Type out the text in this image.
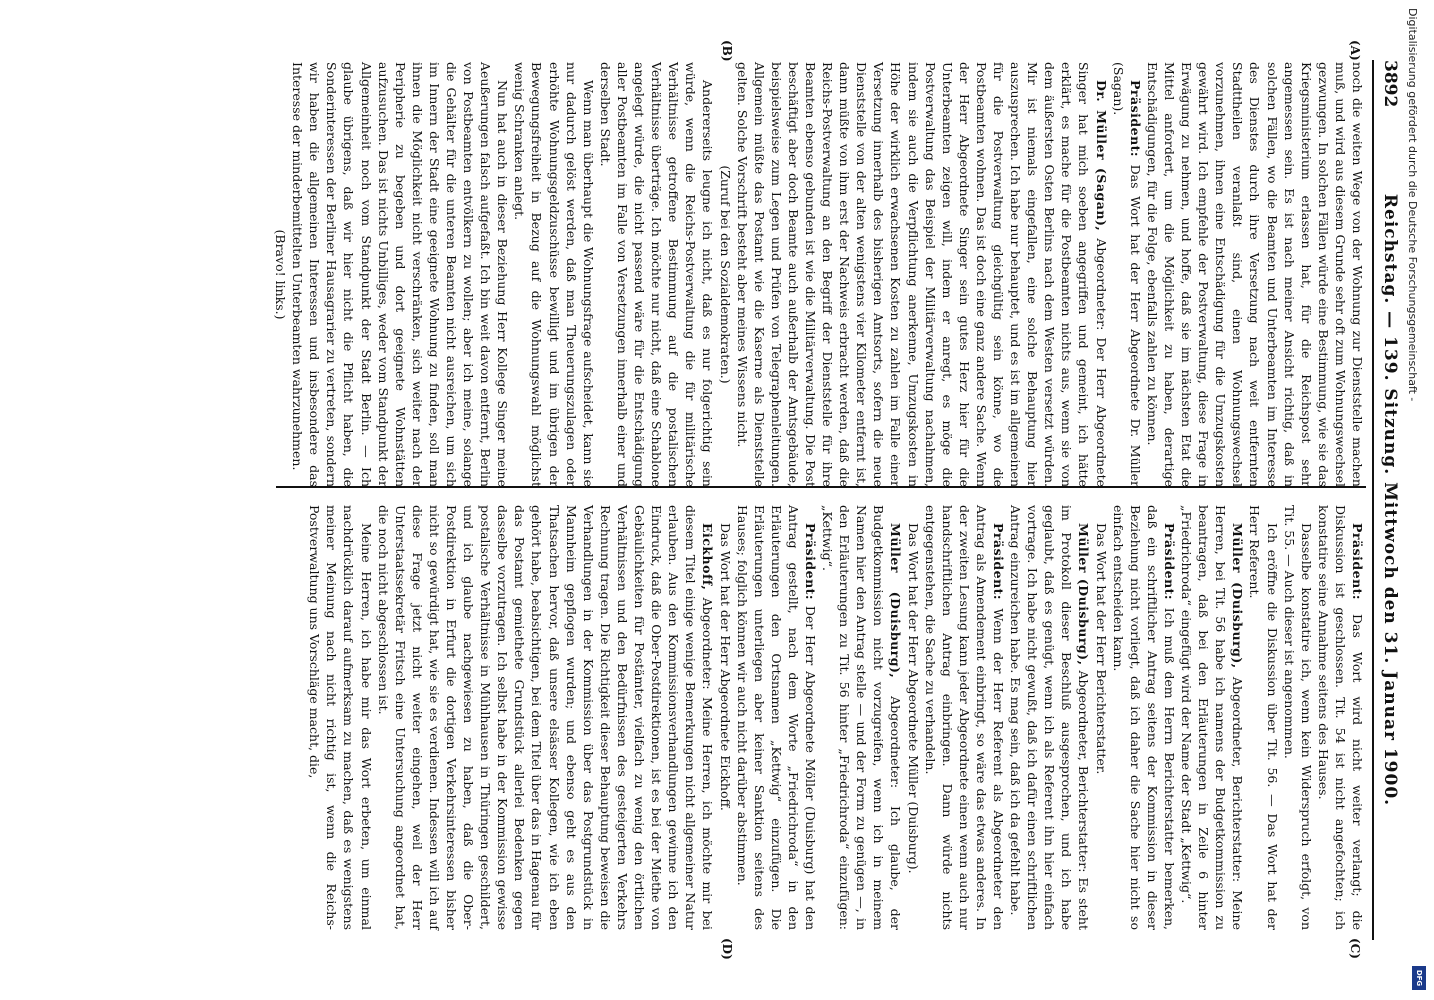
3892
Reichstag. — 139. Sitzung. Mittwoch den 31. Januar 1900.
(A)
(B)
(C)
(D)

noch die weiten Wege von der Wohnung zur Dienststelle machen muß, und wird aus diesem Grunde sehr oft zum Wohnungswechsel gezwungen. In solchen Fällen würde eine Bestimmung, wie sie das Kriegsministerium erlassen hat, für die Reichspost sehr angemessen sein. Es ist nach meiner Ansicht richtig, daß in solchen Fällen, wo die Beamten und Unterbeamten im Interesse des Dienstes durch ihre Versetzung nach weit entfernten Stadttheilen veranlaßt sind, einen Wohnungswechsel vorzunehmen, ihnen eine Entschädigung für die Umzugskosten gewährt wird. Ich empfehle der Postverwaltung, diese Frage in Erwägung zu nehmen, und hoffe, daß sie im nächsten Etat die Mittel anfordert, um die Möglichkeit zu haben, derartige Entschädigungen, für die Folge, ebenfalls zahlen zu können.

Präsident: Das Wort hat der Herr Abgeordnete Dr. Müller (Sagan).

Dr. Müller (Sagan), Abgeordneter: Der Herr Abgeordnete Singer hat mich soeben angegriffen und gemeint, ich hätte erklärt, es mache für die Postbeamten nichts aus, wenn sie von dem äußersten Osten Berlins nach dem Westen versetzt würden. Mir ist niemals eingefallen, eine solche Behauptung hier auszusprechen. Ich habe nur behauptet, und es ist im allgemeinen für die Postverwaltung gleichgültig sein könne, wo die Postbeamten wohnen. Das ist doch eine ganz andere Sache. Wenn der Herr Abgeordnete Singer sein gutes Herz hier für die Unterbeamten zeigen will, indem er anregt, es möge die Postverwaltung das Beispiel der Militärverwaltung nachahmen, indem sie auch die Verpflichtung anerkenne, Umzugskosten in Höhe der wirklich erwachsenen Kosten zu zahlen im Falle einer Versetzung innerhalb des bisherigen Amtsorts, sofern die neue Dienststelle von der alten wenigstens vier Kilometer entfernt ist, dann müßte von ihm erst der Nachweis erbracht werden, daß die Reichs-Postverwaltung an den Begriff der Dienststelle für ihre Beamten ebenso gebunden ist wie die Militärverwaltung. Die Post beschäftigt aber doch Beamte auch außerhalb der Amtsgebäude, beispielsweise zum Legen und Prüfen von Telegraphenleitungen. Allgemein müßte das Postamt wie die Kaserne als Dienststelle gelten. Solche Vorschrift besteht aber meines Wissens nicht.

(Zuruf bei den Sozialdemokraten.)

Andererseits leugne ich nicht, daß es nur folgerichtig sein würde, wenn die Reichs-Postverwaltung die für militärische Verhältnisse getroffene Bestimmung auf die postalischen Verhältnisse überträge. Ich möchte nur nicht, daß eine Schablone angelegt würde, die nicht passend wäre für die Entschädigung aller Postbeamten im Falle von Versetzungen innerhalb einer und derselben Stadt.

Wenn man überhaupt die Wohnungsfrage aufscheidet, kann sie nur dadurch gelöst werden, daß man Theuerungszulagen oder erhöhte Wohnungsgeldzuschüsse bewilligt und im übrigen der Bewegungsfreiheit in Bezug auf die Wohnungswahl möglichst wenig Schranken anlegt.

Nun hat auch in dieser Beziehung Herr Kollege Singer meine Aeußerungen falsch aufgefaßt. Ich bin weit davon entfernt, Berlin von Postbeamten entvölkern zu wollen; aber ich meine, solange die Gehälter für die unteren Beamten nicht ausreichen, um sich im Innern der Stadt eine geeignete Wohnung zu finden, soll man ihnen die Möglichkeit nicht verschränken, sich weiter nach der Peripherie zu begeben und dort geeignete Wohnstätten aufzusuchen. Das ist nichts Unbilliges, weder vom Standpunkt der Allgemeinheit noch vom Standpunkt der Stadt Berlin. — Ich glaube übrigens, daß wir hier nicht die Pflicht haben, die Sonderinteressen der Berliner Hausagrarier zu vertreten, sondern wir haben die allgemeinen Interessen und insbesondere das Interesse der minderbemittelten Unterbeamten wahrzunehmen.

(Bravo! links.)

Präsident: Das Wort wird nicht weiter verlangt; die Diskussion ist geschlossen. Tit. 54 ist nicht angefochten; ich konstatire seine Annahme seitens des Hauses.

Dasselbe konstatire ich, wenn kein Widerspruch erfolgt, von Tit. 55. — Auch dieser ist angenommen.

Ich eröffne die Diskussion über Tit. 56. — Das Wort hat der Herr Referent.

Müller (Duisburg), Abgeordneter, Berichterstatter: Meine Herren, bei Tit. 56 habe ich namens der Budgetkommission zu beantragen, daß bei den Erläuterungen in Zeile 6 hinter „Friedrichroda“ eingefügt wird der Name der Stadt „Kettwig“.

Präsident: Ich muß dem Herrn Berichterstatter bemerken, daß ein schriftlicher Antrag seitens der Kommission in dieser Beziehung nicht vorliegt, daß ich daher die Sache hier nicht so einfach entscheiden kann.

Das Wort hat der Herr Berichterstatter.

Müller (Duisburg), Abgeordneter, Berichterstatter: Es steht im Protokoll dieser Beschluß ausgesprochen, und ich habe geglaubt, daß es genügt, wenn ich als Referent ihn hier einfach vortrage. Ich habe nicht gewußt, daß ich dafür einen schriftlichen Antrag einzureichen habe. Es mag sein, daß ich da gefehlt habe.

Präsident: Wenn der Herr Referent als Abgeordneter den Antrag als Amendement einbringt, so wäre das etwas anderes. In der zweiten Lesung kann jeder Abgeordnete einen wenn auch nur handschriftlichen Antrag einbringen. Dann würde nichts entgegenstehen, die Sache zu verhandeln.

Das Wort hat der Herr Abgeordnete Müller (Duisburg).

Müller (Duisburg), Abgeordneter: Ich glaube, der Budgetkommission nicht vorzugreifen, wenn ich in meinem Namen hier den Antrag stelle — und der Form zu genügen —, in den Erläuterungen zu Tit. 56 hinter „Friedrichroda“ einzufügen: „Kettwig“.

Präsident: Der Herr Abgeordnete Möller (Duisburg) hat den Antrag gestellt, nach dem Worte „Friedrichroda“ in den Erläuterungen den Ortsnamen „Kettwig“ einzufügen. Die Erläuterungen unterliegen aber keiner Sanktion seitens des Hauses; folglich können wir auch nicht darüber abstimmen.

Das Wort hat der Herr Abgeordnete Eickhoff.

Eickhoff, Abgeordneter: Meine Herren, ich möchte mir bei diesem Titel einige wenige Bemerkungen nicht allgemeiner Natur erlauben. Aus den Kommissionsverhandlungen gewinne ich den Eindruck, daß die Ober-Postdirektionen, ist es bei der Miethe von Gebäulichkeiten für Postämter, vielfach zu wenig den örtlichen Verhältnissen und den Bedürfnissen des gesteigerten Verkehrs Rechnung tragen. Die Richtigkeit dieser Behauptung beweisen die Verhandlungen in der Kommission über das Postgrundstück in Mannheim gepflogen wurden; und ebenso geht es aus den Thatsachen hervor, daß unsere elsässer Kollegen, wie ich eben gehört habe, beabsichtigen, bei dem Titel über das in Hagenau für das Postamt gemiethete Grundstück allerlei Bedenken gegen dasselbe vorzutragen. Ich selbst habe in der Kommission gewisse postalische Verhältnisse in Mühlhausen in Thüringen geschildert, und ich glaube nachgewiesen zu haben, daß die Ober-Postdirektion in Erfurt die dortigen Verkehrsinteressen bisher nicht so gewürdigt hat, wie sie es verdienen. Indessen will ich auf diese Frage jetzt nicht weiter eingehen, weil der Herr Unterstaatssekretär Fritsch eine Untersuchung angeordnet hat, die noch nicht abgeschlossen ist.

Meine Herren, ich habe mir das Wort erbeten, um einmal nachdrücklich darauf aufmerksam zu machen, daß es wenigstens meiner Meinung nach nicht richtig ist, wenn die Reichs-Postverwaltung uns Vorschläge macht, die,

Digitalisierung gefördert durch die Deutsche Forschungsgemeinschaft -
DFG
